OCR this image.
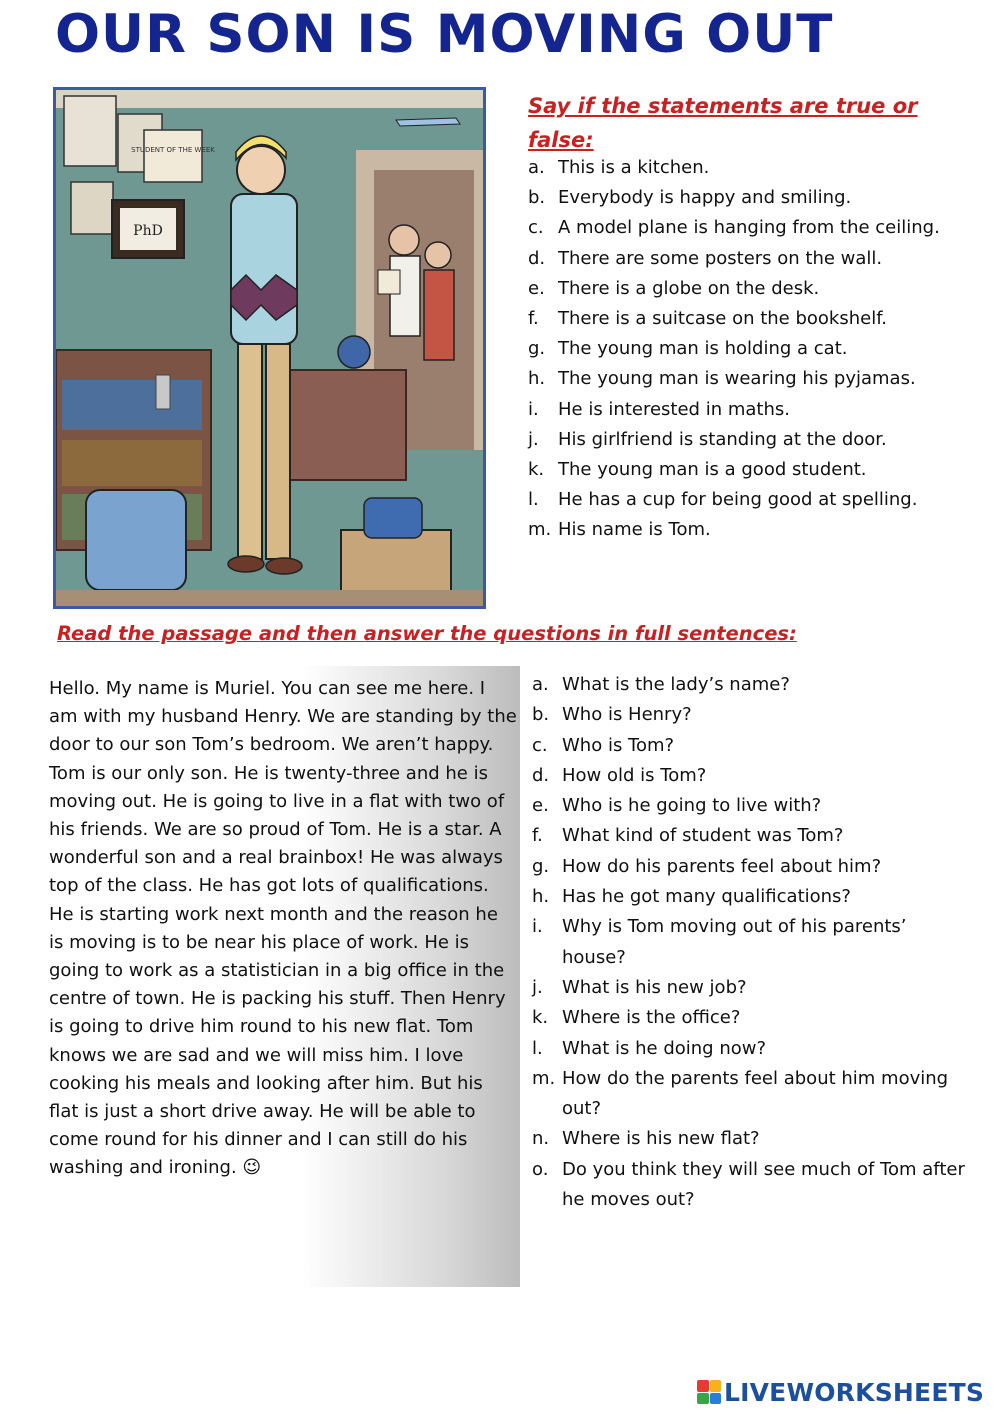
OUR SON IS MOVING OUT
STUDENT OF THE WEEK
PhD
Say if the statements are true or false:
a. This is a kitchen.
b. Everybody is happy and smiling.
c. A model plane is hanging from the ceiling.
d. There are some posters on the wall.
e. There is a globe on the desk.
f.	There is a suitcase on the bookshelf.
g. The young man is holding a cat.
h. The young man is wearing his pyjamas.
i.	He is interested in maths.
j.	His girlfriend is standing at the door.
k. The young man is a good student.
l.	He has a cup for being good at spelling.
m. His name is Tom.
Read the passage and then answer the questions in full sentences:

Hello. My name is Muriel. You can see me here. I am with my husband Henry. We are standing by the door to our son Tom’s bedroom. We aren’t happy. Tom is our only son. He is twenty-three and he is moving out. He is going to live in a flat with two of his friends. We are so proud of Tom. He is a star. A wonderful son and a real brainbox! He was always top of the class. He has got lots of qualifications. He is starting work next month and the reason he is moving is to be near his place of work. He is going to work as a statistician in a big office in the centre of town. He is packing his stuff. Then Henry is going to drive him round to his new flat. Tom knows we are sad and we will miss him. I love cooking his meals and looking after him. But his flat is just a short drive away. He will be able to come round for his dinner and I can still do his washing and ironing. 😉

a. What is the lady’s name?
b. Who is Henry?
c. Who is Tom?
d. How old is Tom?
e. Who is he going to live with?
f.	What kind of student was Tom?
g. How do his parents feel about him?
h. Has he got many qualifications?
i.	Why is Tom moving out of his parents’ house?
j.	What is his new job?
k. Where is the office?
l.	What is he doing now?
m. How do the parents feel about him moving out?
n. Where is his new flat?
o. Do you think they will see much of Tom after he moves out?
LIVEWORKSHEETS
